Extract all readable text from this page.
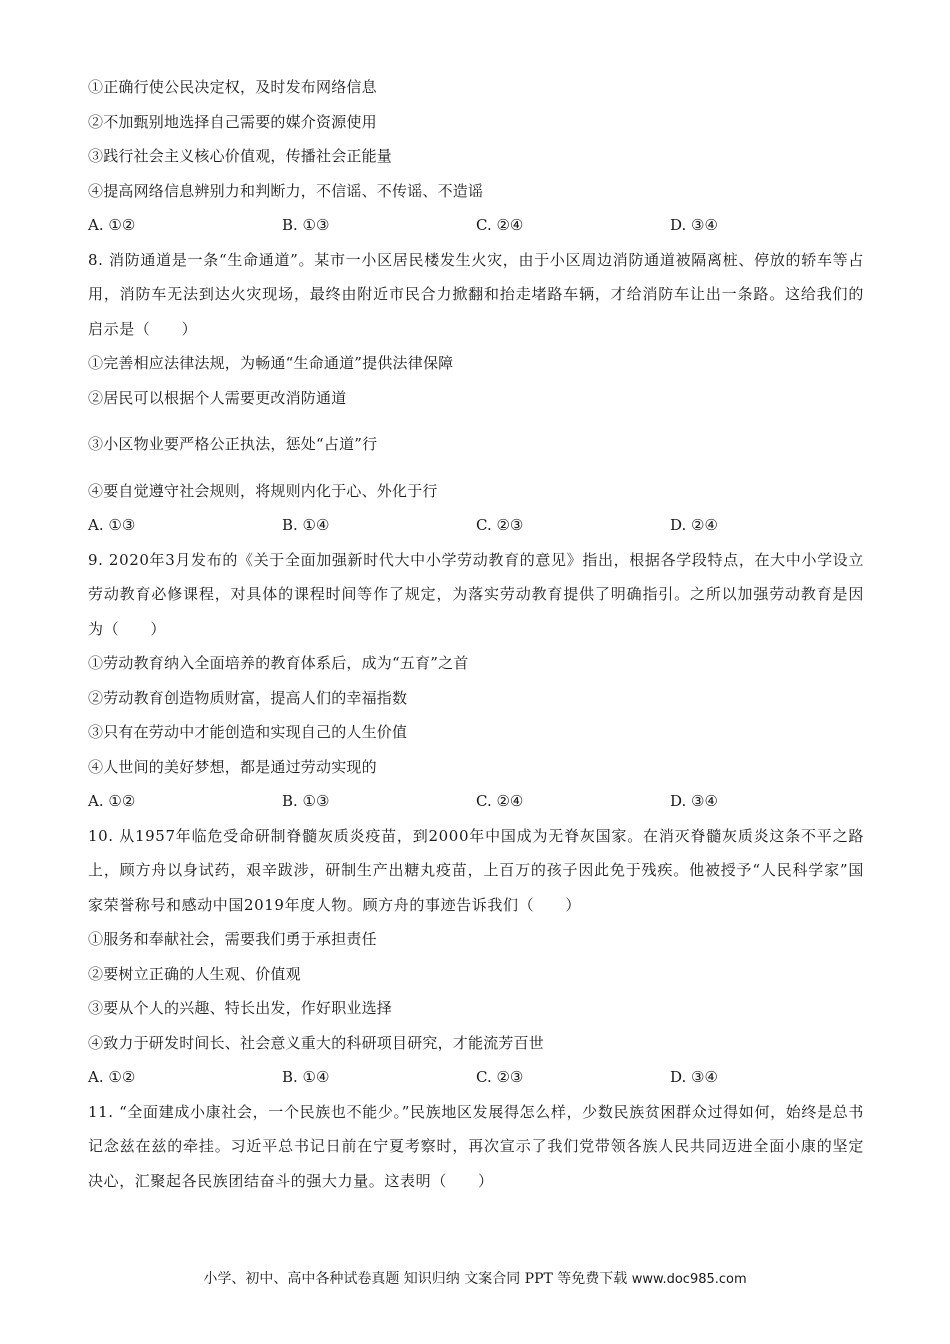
①正确行使公民决定权，及时发布网络信息
②不加甄别地选择自己需要的媒介资源使用
③践行社会主义核心价值观，传播社会正能量
④提高网络信息辨别力和判断力，不信谣、不传谣、不造谣
A. ①②	B. ①③	C. ②④	D. ③④
8. 消防通道是一条“生命通道”。某市一小区居民楼发生火灾，由于小区周边消防通道被隔离桩、停放的轿车等占用，消防车无法到达火灾现场，最终由附近市民合力掀翻和抬走堵路车辆，才给消防车让出一条路。这给我们的启示是（　　）
①完善相应法律法规，为畅通“生命通道”提供法律保障
②居民可以根据个人需要更改消防通道
③小区物业要严格公正执法，惩处“占道”行
④要自觉遵守社会规则，将规则内化于心、外化于行
A. ①③	B. ①④	C. ②③	D. ②④
9. 2020年3月发布的《关于全面加强新时代大中小学劳动教育的意见》指出，根据各学段特点，在大中小学设立劳动教育必修课程，对具体的课程时间等作了规定，为落实劳动教育提供了明确指引。之所以加强劳动教育是因为（　　）
①劳动教育纳入全面培养的教育体系后，成为“五育”之首
②劳动教育创造物质财富，提高人们的幸福指数
③只有在劳动中才能创造和实现自己的人生价值
④人世间的美好梦想，都是通过劳动实现的
A. ①②	B. ①③	C. ②④	D. ③④
10. 从1957年临危受命研制脊髓灰质炎疫苗，到2000年中国成为无脊灰国家。在消灭脊髓灰质炎这条不平之路上，顾方舟以身试药，艰辛跋涉，研制生产出糖丸疫苗，上百万的孩子因此免于残疾。他被授予“人民科学家”国家荣誉称号和感动中国2019年度人物。顾方舟的事迹告诉我们（　　）
①服务和奉献社会，需要我们勇于承担责任
②要树立正确的人生观、价值观
③要从个人的兴趣、特长出发，作好职业选择
④致力于研发时间长、社会意义重大的科研项目研究，才能流芳百世
A. ①②	B. ①④	C. ②③	D. ③④
11. “全面建成小康社会，一个民族也不能少。”民族地区发展得怎么样，少数民族贫困群众过得如何，始终是总书记念兹在兹的牵挂。习近平总书记日前在宁夏考察时，再次宣示了我们党带领各族人民共同迈进全面小康的坚定决心，汇聚起各民族团结奋斗的强大力量。这表明（　　）
小学、初中、高中各种试卷真题 知识归纳 文案合同 PPT 等免费下载 www.doc985.com
